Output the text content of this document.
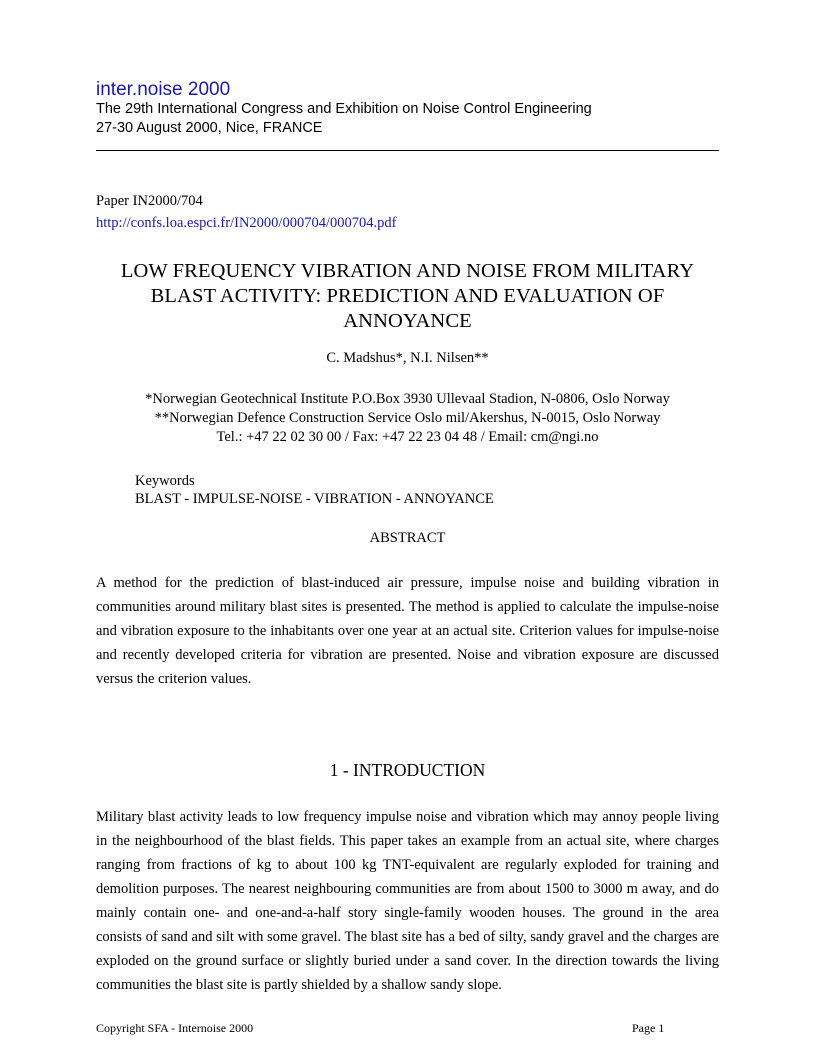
inter.noise 2000
The 29th International Congress and Exhibition on Noise Control Engineering
27-30 August 2000, Nice, FRANCE
Paper IN2000/704
http://confs.loa.espci.fr/IN2000/000704/000704.pdf
LOW FREQUENCY VIBRATION AND NOISE FROM MILITARY BLAST ACTIVITY: PREDICTION AND EVALUATION OF ANNOYANCE
C. Madshus*, N.I. Nilsen**
*Norwegian Geotechnical Institute P.O.Box 3930 Ullevaal Stadion, N-0806, Oslo Norway
**Norwegian Defence Construction Service Oslo mil/Akershus, N-0015, Oslo Norway
Tel.: +47 22 02 30 00 / Fax: +47 22 23 04 48 / Email: cm@ngi.no
Keywords
BLAST - IMPULSE-NOISE - VIBRATION - ANNOYANCE
ABSTRACT

A method for the prediction of blast-induced air pressure, impulse noise and building vibration in communities around military blast sites is presented. The method is applied to calculate the impulse-noise and vibration exposure to the inhabitants over one year at an actual site. Criterion values for impulse-noise and recently developed criteria for vibration are presented. Noise and vibration exposure are discussed versus the criterion values.

1 - INTRODUCTION

Military blast activity leads to low frequency impulse noise and vibration which may annoy people living in the neighbourhood of the blast fields. This paper takes an example from an actual site, where charges ranging from fractions of kg to about 100 kg TNT-equivalent are regularly exploded for training and demolition purposes. The nearest neighbouring communities are from about 1500 to 3000 m away, and do mainly contain one- and one-and-a-half story single-family wooden houses. The ground in the area consists of sand and silt with some gravel. The blast site has a bed of silty, sandy gravel and the charges are exploded on the ground surface or slightly buried under a sand cover. In the direction towards the living communities the blast site is partly shielded by a shallow sandy slope.

Copyright SFA - Internoise 2000	Page 1
